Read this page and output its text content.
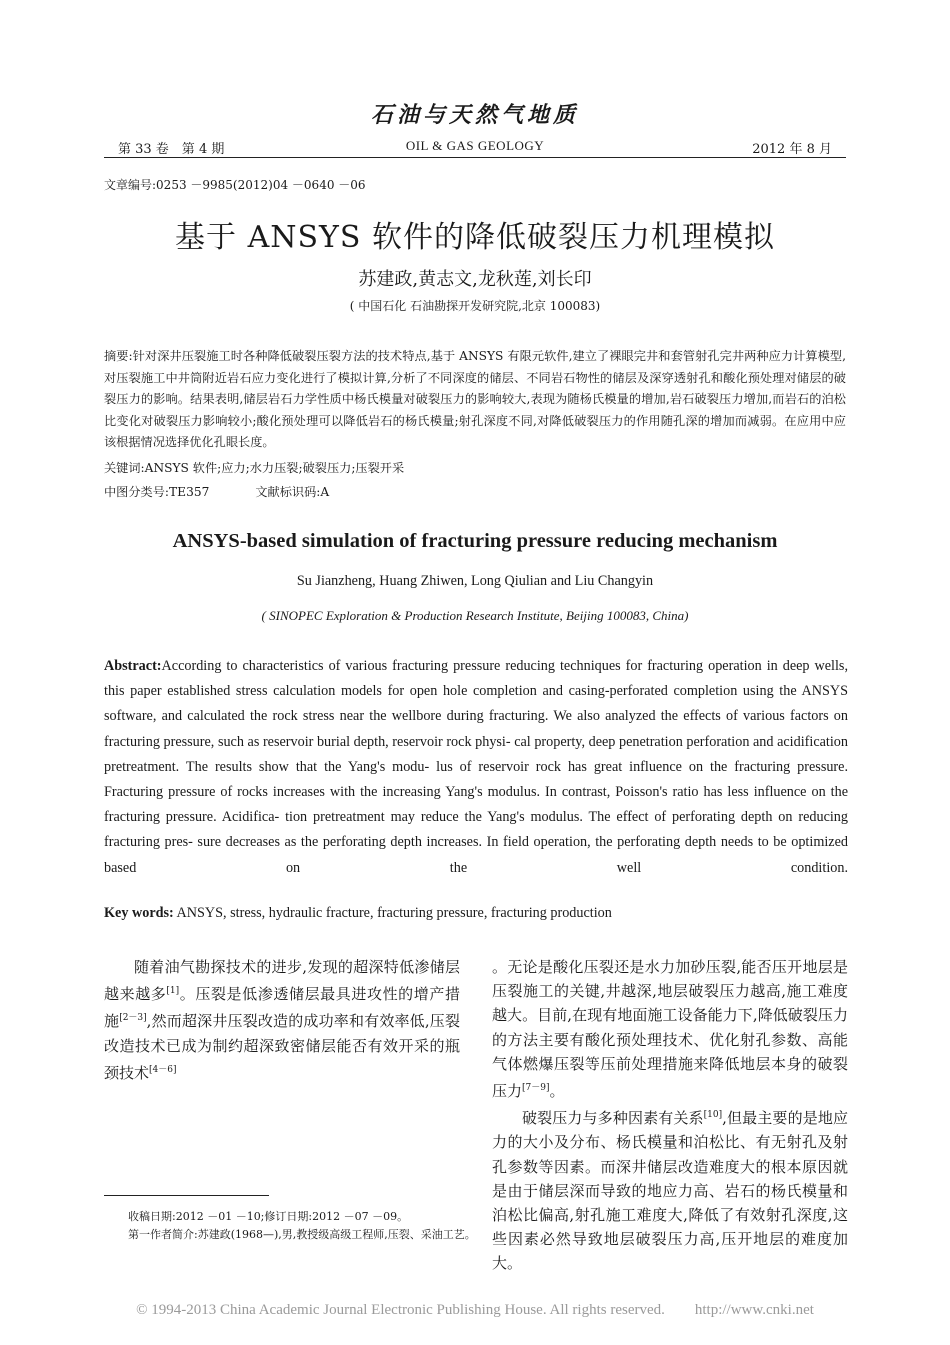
石油与天然气地质
第 33 卷　第 4 期	OIL & GAS GEOLOGY	2012 年 8 月
文章编号:0253 －9985(2012)04 －0640 －06
基于 ANSYS 软件的降低破裂压力机理模拟
苏建政,黄志文,龙秋莲,刘长印
( 中国石化 石油勘探开发研究院,北京 100083)
摘要:针对深井压裂施工时各种降低破裂压裂方法的技术特点,基于 ANSYS 有限元软件,建立了裸眼完井和套管射孔完井两种应力计算模型,对压裂施工中井筒附近岩石应力变化进行了模拟计算,分析了不同深度的储层、不同岩石物性的储层及深穿透射孔和酸化预处理对储层的破裂压力的影响。结果表明,储层岩石力学性质中杨氏模量对破裂压力的影响较大,表现为随杨氏模量的增加,岩石破裂压力增加,而岩石的泊松比变化对破裂压力影响较小;酸化预处理可以降低岩石的杨氏模量;射孔深度不同,对降低破裂压力的作用随孔深的增加而减弱。在应用中应该根据情况选择优化孔眼长度。
关键词:ANSYS 软件;应力;水力压裂;破裂压力;压裂开采
中图分类号:TE357	文献标识码:A
ANSYS-based simulation of fracturing pressure reducing mechanism
Su Jianzheng, Huang Zhiwen, Long Qiulian and Liu Changyin
( SINOPEC Exploration & Production Research Institute, Beijing 100083, China)
Abstract:According to characteristics of various fracturing pressure reducing techniques for fracturing operation in deep wells, this paper established stress calculation models for open hole completion and casing-perforated completion using the ANSYS software, and calculated the rock stress near the wellbore during fracturing. We also analyzed the effects of various factors on fracturing pressure, such as reservoir burial depth, reservoir rock physi- cal property, deep penetration perforation and acidification pretreatment. The results show that the Yang's modu- lus of reservoir rock has great influence on the fracturing pressure. Fracturing pressure of rocks increases with the increasing Yang's modulus. In contrast, Poisson's ratio has less influence on the fracturing pressure. Acidifica- tion pretreatment may reduce the Yang's modulus. The effect of perforating depth on reducing fracturing pres- sure decreases as the perforating depth increases. In field operation, the perforating depth needs to be optimized based on the well condition.
Key words: ANSYS, stress, hydraulic fracture, fracturing pressure, fracturing production

随着油气勘探技术的进步,发现的超深特低渗储层越来越多[1]。压裂是低渗透储层最具进攻性的增产措施[2－3],然而超深井压裂改造的成功率和有效率低,压裂改造技术已成为制约超深致密储层能否有效开采的瓶颈技术[4－6]

。无论是酸化压裂还是水力加砂压裂,能否压开地层是压裂施工的关键,井越深,地层破裂压力越高,施工难度越大。目前,在现有地面施工设备能力下,降低破裂压力的方法主要有酸化预处理技术、优化射孔参数、高能气体燃爆压裂等压前处理措施来降低地层本身的破裂压力[7－9]。

破裂压力与多种因素有关系[10],但最主要的是地应力的大小及分布、杨氏模量和泊松比、有无射孔及射孔参数等因素。而深井储层改造难度大的根本原因就是由于储层深而导致的地应力高、岩石的杨氏模量和泊松比偏高,射孔施工难度大,降低了有效射孔深度,这些因素必然导致地层破裂压力高,压开地层的难度加大。

收稿日期:2012 －01 －10;修订日期:2012 －07 －09。
第一作者简介:苏建政(1968—),男,教授级高级工程师,压裂、采油工艺。
© 1994-2013 China Academic Journal Electronic Publishing House. All rights reserved.　　http://www.cnki.net
